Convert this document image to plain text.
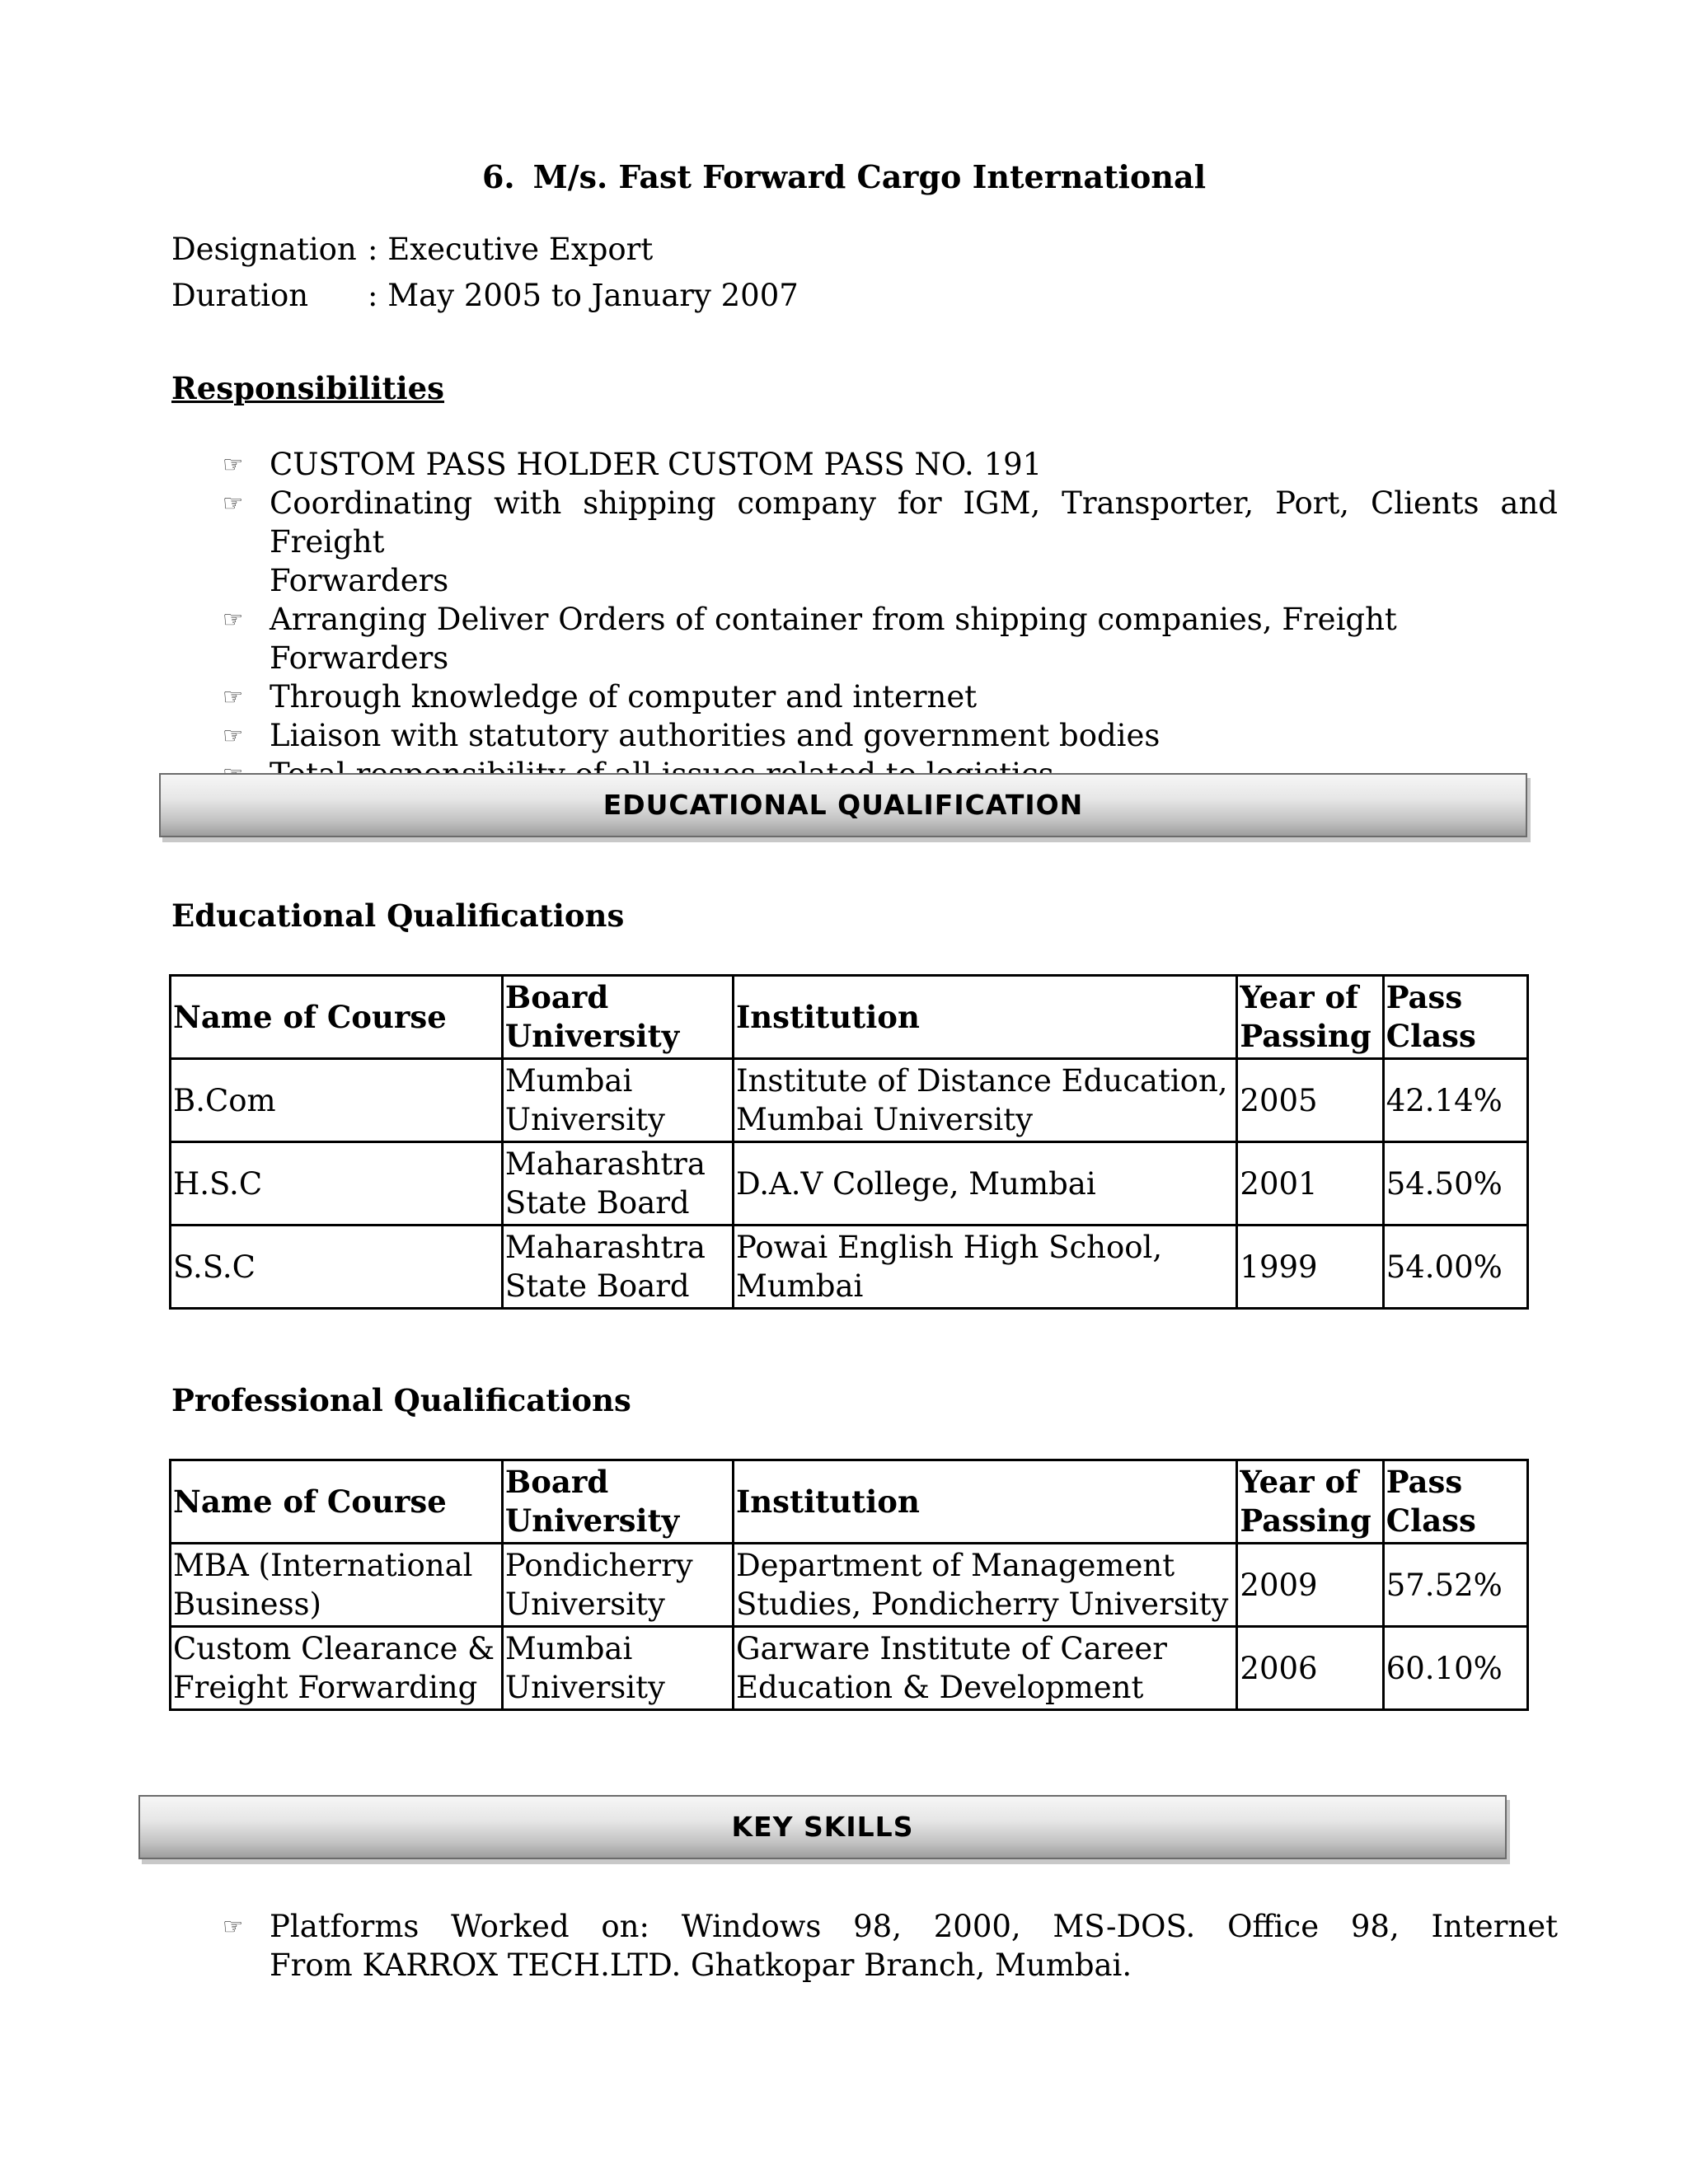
6. M/s. Fast Forward Cargo International
Designation : Executive Export
Duration : May 2005 to January 2007
Responsibilities
☞ CUSTOM PASS HOLDER CUSTOM PASS NO. 191
☞ Coordinating with shipping company for IGM, Transporter, Port, Clients and Freight
Forwarders
☞ Arranging Deliver Orders of container from shipping companies, Freight Forwarders
☞ Through knowledge of computer and internet
☞ Liaison with statutory authorities and government bodies
EDUCATIONAL QUALIFICATION
Educational Qualifications
Name of Course	Board University	Institution	Year of Passing	Pass Class
B.Com	Mumbai University	Institute of Distance Education, Mumbai University	2005	42.14%
H.S.C	Maharashtra State Board	D.A.V College, Mumbai	2001	54.50%
S.S.C	Maharashtra State Board	Powai English High School, Mumbai	1999	54.00%
Professional Qualifications
Name of Course	Board University	Institution	Year of Passing	Pass Class
MBA (International Business)	Pondicherry University	Department of Management Studies, Pondicherry University	2009	57.52%
Custom Clearance & Freight Forwarding	Mumbai University	Garware Institute of Career Education & Development	2006	60.10%
KEY SKILLS
☞ Platforms Worked on: Windows 98, 2000, MS-DOS. Office 98, Internet
From KARROX TECH.LTD. Ghatkopar Branch, Mumbai.
